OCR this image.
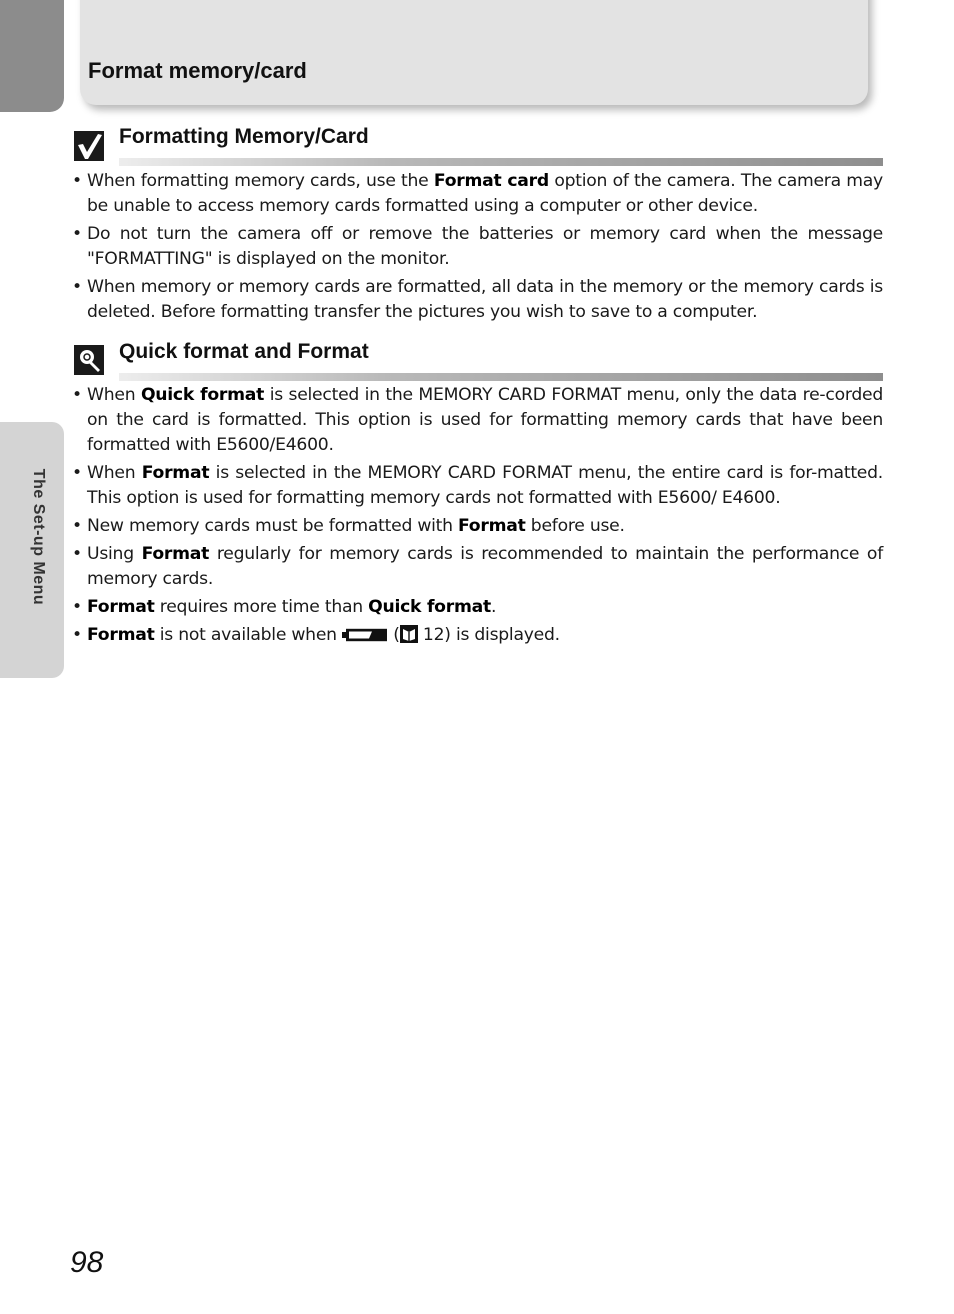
Format memory/card
The Set-up Menu
Formatting Memory/Card
• When formatting memory cards, use the Format card option of the camera. The camera may be unable to access memory cards formatted using a computer or other device.
• Do not turn the camera off or remove the batteries or memory card when the message "FORMATTING" is displayed on the monitor.
• When memory or memory cards are formatted, all data in the memory or the memory cards is deleted. Before formatting transfer the pictures you wish to save to a computer.
Quick format and Format
• When Quick format is selected in the MEMORY CARD FORMAT menu, only the data re-corded on the card is formatted. This option is used for formatting memory cards that have been formatted with E5600/E4600.
• When Format is selected in the MEMORY CARD FORMAT menu, the entire card is for-matted. This option is used for formatting memory cards not formatted with E5600/ E4600.
• New memory cards must be formatted with Format before use.
• Using Format regularly for memory cards is recommended to maintain the performance of memory cards.
• Format requires more time than Quick format.
• Format is not available when	( 12) is displayed.
98
